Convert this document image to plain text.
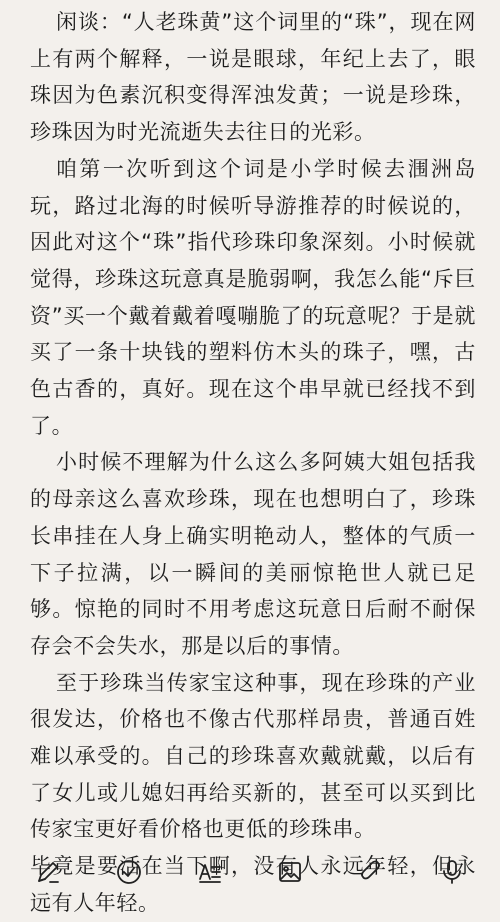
闲谈：“人老珠黄”这个词里的“珠”，现在网上有两个解释，一说是眼球，年纪上去了，眼珠因为色素沉积变得浑浊发黄；一说是珍珠，珍珠因为时光流逝失去往日的光彩。

咱第一次听到这个词是小学时候去涠洲岛玩，路过北海的时候听导游推荐的时候说的，因此对这个“珠”指代珍珠印象深刻。小时候就觉得，珍珠这玩意真是脆弱啊，我怎么能“斥巨资”买一个戴着戴着嘎嘣脆了的玩意呢？于是就买了一条十块钱的塑料仿木头的珠子，嘿，古色古香的，真好。现在这个串早就已经找不到了。

小时候不理解为什么这么多阿姨大姐包括我的母亲这么喜欢珍珠，现在也想明白了，珍珠长串挂在人身上确实明艳动人，整体的气质一下子拉满，以一瞬间的美丽惊艳世人就已足够。惊艳的同时不用考虑这玩意日后耐不耐保存会不会失水，那是以后的事情。

至于珍珠当传家宝这种事，现在珍珠的产业很发达，价格也不像古代那样昂贵，普通百姓难以承受的。自己的珍珠喜欢戴就戴，以后有了女儿或儿媳妇再给买新的，甚至可以买到比传家宝更好看价格也更低的珍珠串。

毕竟是要活在当下啊，没有人永远年轻，但永远有人年轻。
